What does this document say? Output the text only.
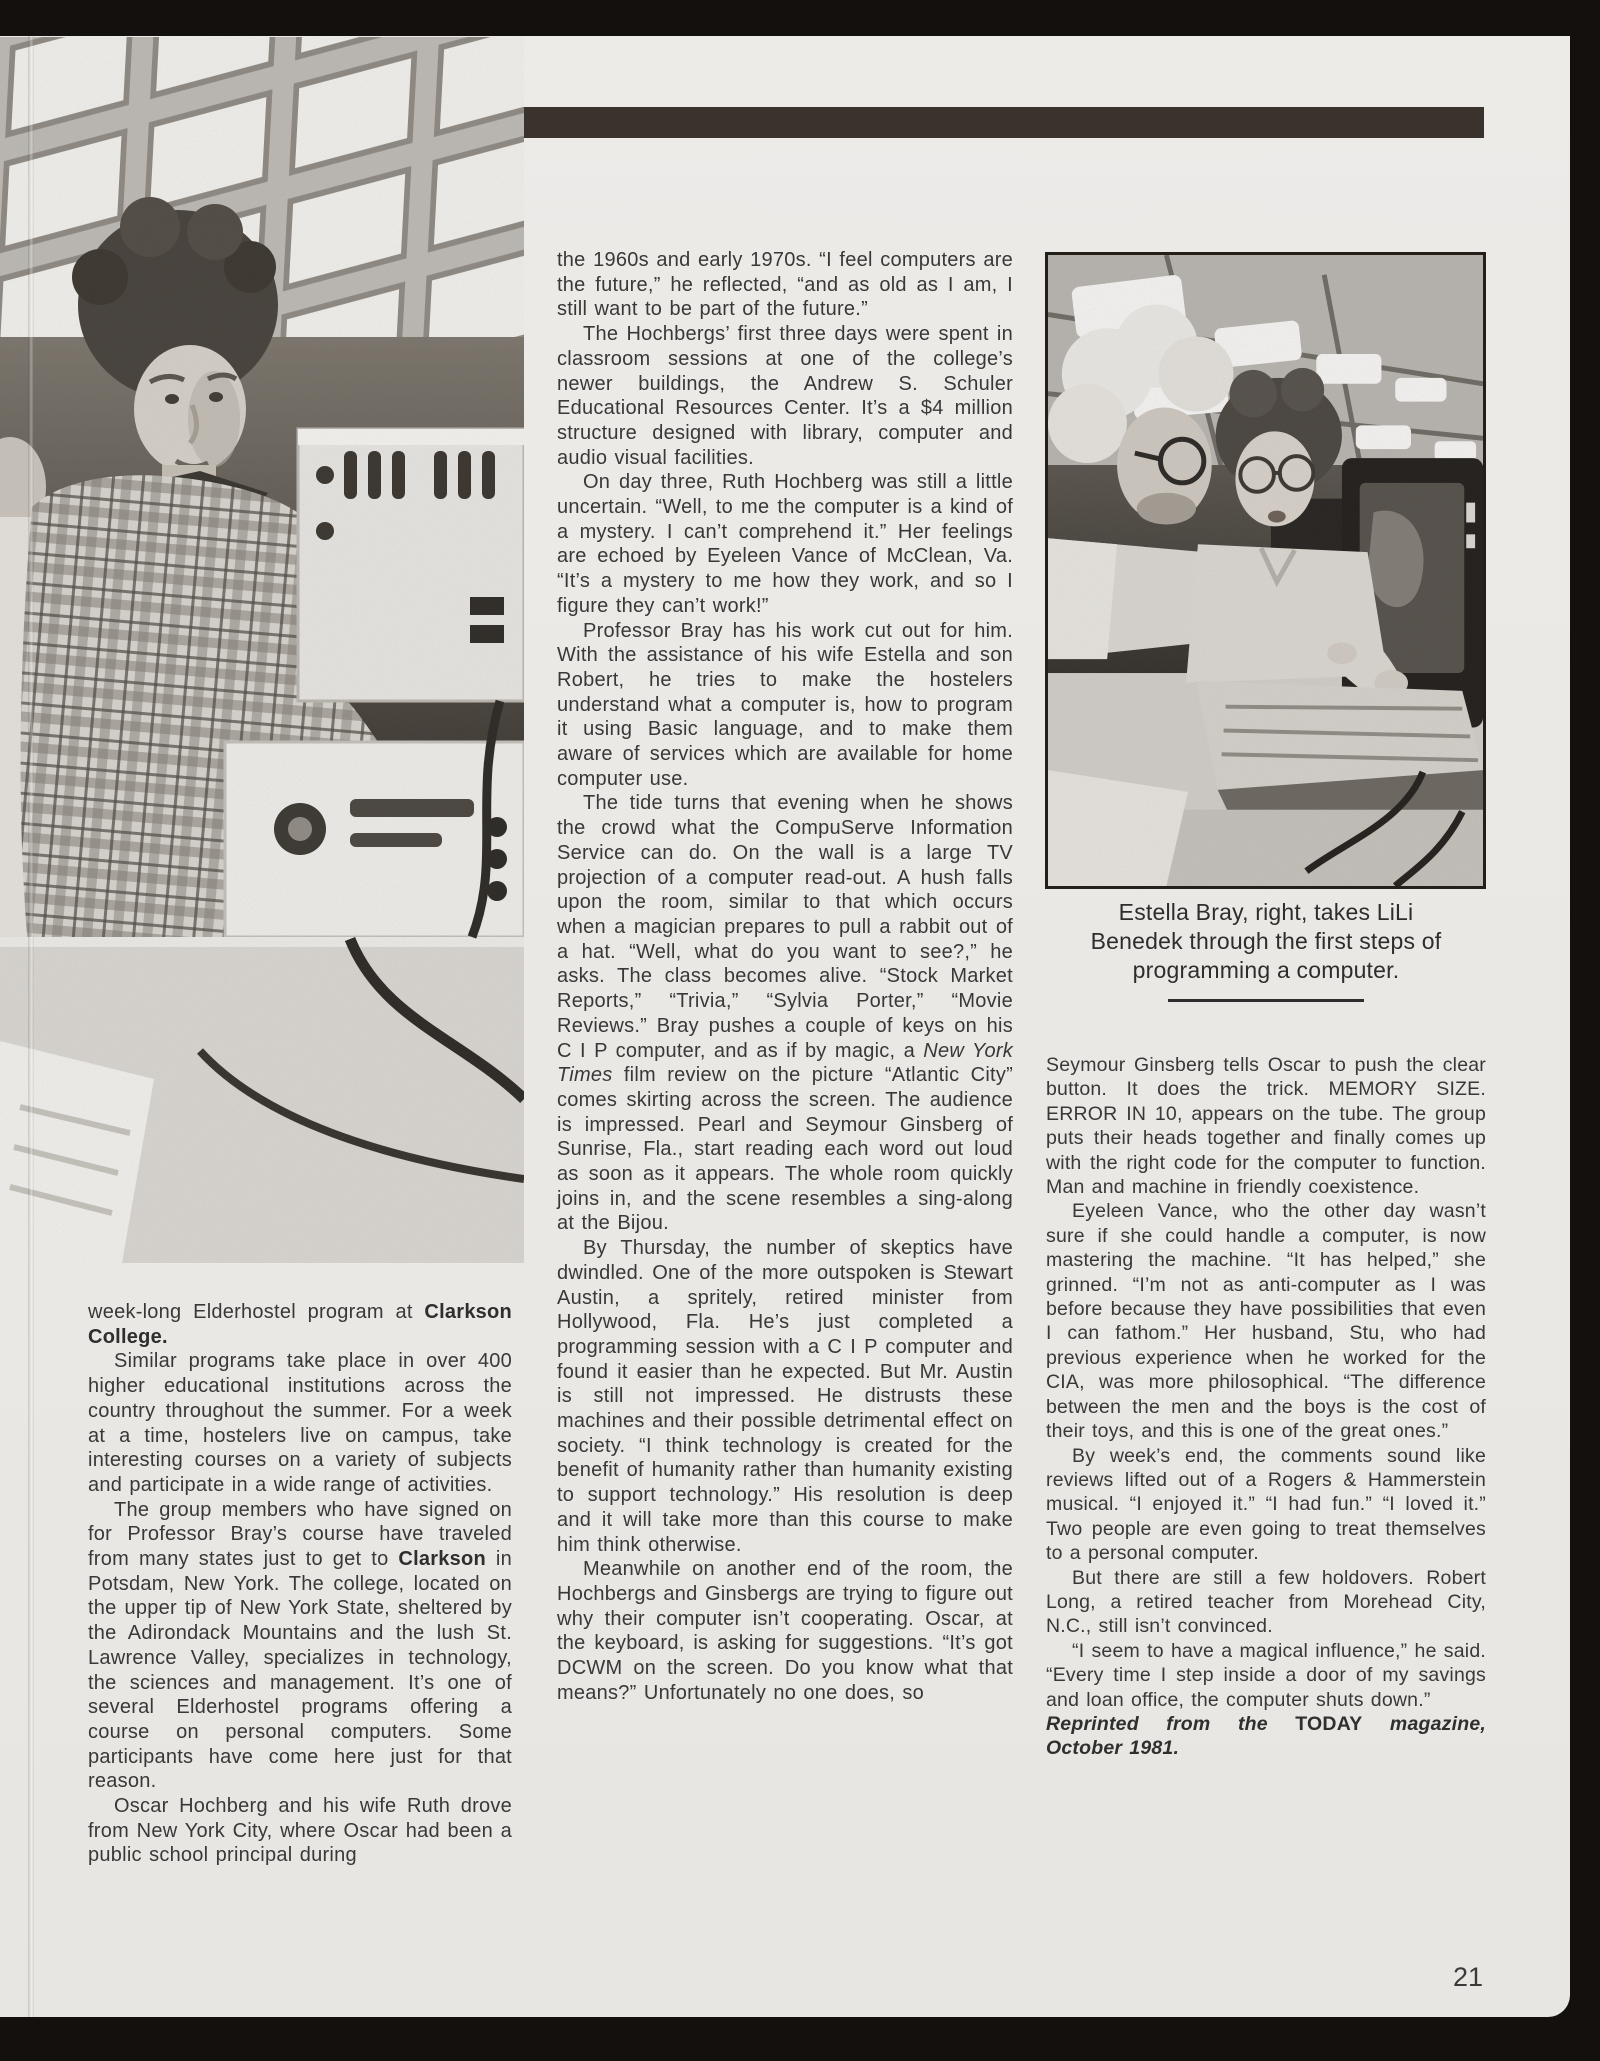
the 1960s and early 1970s. “I feel computers are the future,” he reflected, “and as old as I am, I still want to be part of the future.”

The Hochbergs’ first three days were spent in classroom sessions at one of the college’s newer buildings, the Andrew S. Schuler Educational Resources Center. It’s a $4 million structure designed with library, computer and audio visual facilities.

On day three, Ruth Hochberg was still a little uncertain. “Well, to me the computer is a kind of a mystery. I can’t comprehend it.” Her feelings are echoed by Eyeleen Vance of McClean, Va. “It’s a mystery to me how they work, and so I figure they can’t work!”

Professor Bray has his work cut out for him. With the assistance of his wife Estella and son Robert, he tries to make the hostelers understand what a computer is, how to program it using Basic language, and to make them aware of services which are available for home computer use.

The tide turns that evening when he shows the crowd what the CompuServe Information Service can do. On the wall is a large TV projection of a computer read-out. A hush falls upon the room, similar to that which occurs when a magician prepares to pull a rabbit out of a hat. “Well, what do you want to see?,” he asks. The class becomes alive. “Stock Market Reports,” “Trivia,” “Sylvia Porter,” “Movie Reviews.” Bray pushes a couple of keys on his C I P computer, and as if by magic, a New York Times film review on the picture “Atlantic City” comes skirting across the screen. The audience is impressed. Pearl and Seymour Ginsberg of Sunrise, Fla., start reading each word out loud as soon as it appears. The whole room quickly joins in, and the scene resembles a sing-along at the Bijou.

By Thursday, the number of skeptics have dwindled. One of the more outspoken is Stewart Austin, a spritely, retired minister from Hollywood, Fla. He’s just completed a programming session with a C I P computer and found it easier than he expected. But Mr. Austin is still not impressed. He distrusts these machines and their possible detrimental effect on society. “I think technology is created for the benefit of humanity rather than humanity existing to support technology.” His resolution is deep and it will take more than this course to make him think otherwise.

Meanwhile on another end of the room, the Hochbergs and Ginsbergs are trying to figure out why their computer isn’t cooperating. Oscar, at the keyboard, is asking for suggestions. “It’s got DCWM on the screen. Do you know what that means?” Unfortunately no one does, so

Estella Bray, right, takes LiLi
Benedek through the first steps of
programming a computer.

Seymour Ginsberg tells Oscar to push the clear button. It does the trick. MEMORY SIZE. ERROR IN 10, appears on the tube. The group puts their heads together and finally comes up with the right code for the computer to function. Man and machine in friendly coexistence.

Eyeleen Vance, who the other day wasn’t sure if she could handle a computer, is now mastering the machine. “It has helped,” she grinned. “I’m not as anti-computer as I was before because they have possibilities that even I can fathom.” Her husband, Stu, who had previous experience when he worked for the CIA, was more philosophical. “The difference between the men and the boys is the cost of their toys, and this is one of the great ones.”

By week’s end, the comments sound like reviews lifted out of a Rogers & Hammerstein musical. “I enjoyed it.” “I had fun.” “I loved it.” Two people are even going to treat themselves to a personal computer.

But there are still a few holdovers. Robert Long, a retired teacher from Morehead City, N.C., still isn’t convinced.

“I seem to have a magical influence,” he said. “Every time I step inside a door of my savings and loan office, the computer shuts down.”

Reprinted from the TODAY magazine, October 1981.

week-long Elderhostel program at Clarkson College.

Similar programs take place in over 400 higher educational institutions across the country throughout the summer. For a week at a time, hostelers live on campus, take interesting courses on a variety of subjects and participate in a wide range of activities.

The group members who have signed on for Professor Bray’s course have traveled from many states just to get to Clarkson in Potsdam, New York. The college, located on the upper tip of New York State, sheltered by the Adirondack Mountains and the lush St. Lawrence Valley, specializes in technology, the sciences and management. It’s one of several Elderhostel programs offering a course on personal computers. Some participants have come here just for that reason.

Oscar Hochberg and his wife Ruth drove from New York City, where Oscar had been a public school principal during

21
